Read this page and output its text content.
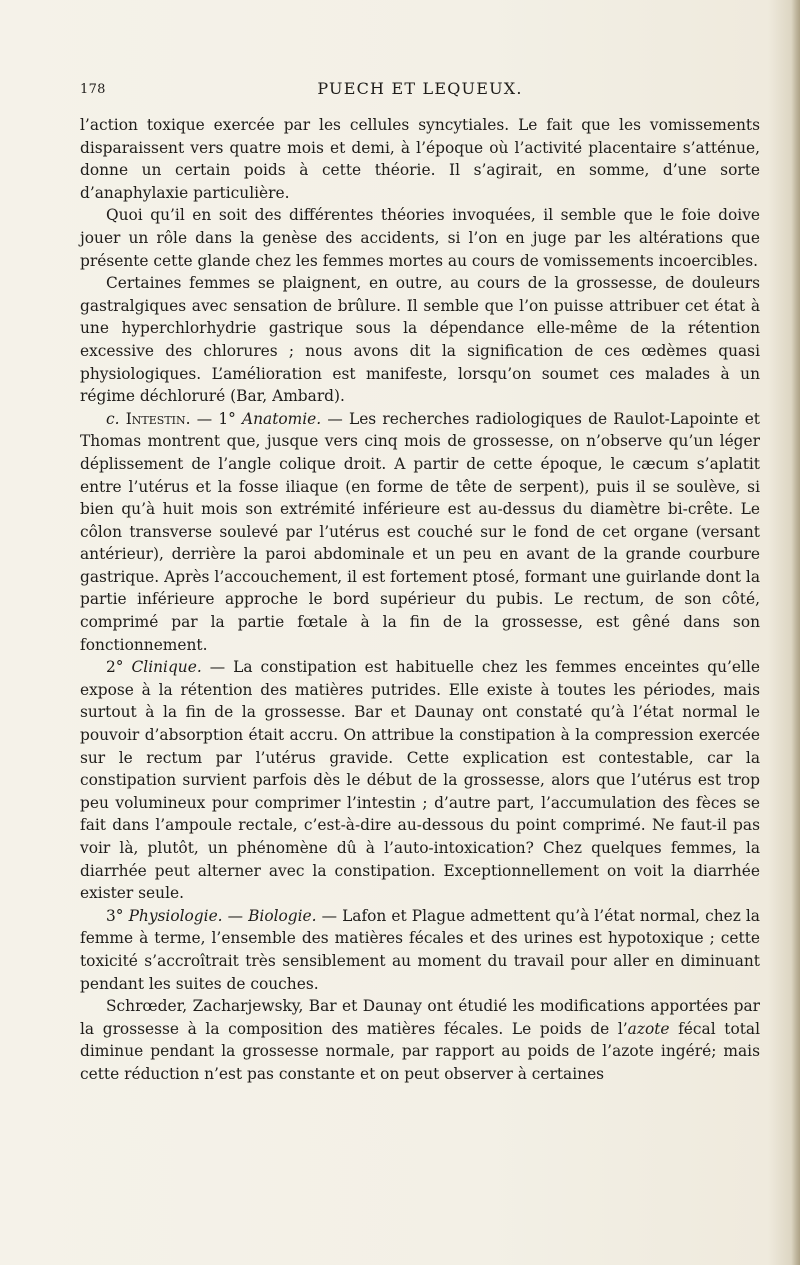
178	PUECH ET LEQUEUX.

l’action toxique exercée par les cellules syncytiales. Le fait que les vomissements disparaissent vers quatre mois et demi, à l’époque où l’activité placentaire s’atténue, donne un certain poids à cette théorie. Il s’agirait, en somme, d’une sorte d’anaphylaxie particulière.

Quoi qu’il en soit des différentes théories invoquées, il semble que le foie doive jouer un rôle dans la genèse des accidents, si l’on en juge par les altérations que présente cette glande chez les femmes mortes au cours de vomissements incoercibles.

Certaines femmes se plaignent, en outre, au cours de la grossesse, de douleurs gastralgiques avec sensation de brûlure. Il semble que l’on puisse attribuer cet état à une hyperchlorhydrie gastrique sous la dépendance elle-même de la rétention excessive des chlorures ; nous avons dit la signification de ces œdèmes quasi physiologiques. L’amélioration est manifeste, lorsqu’on soumet ces malades à un régime déchloruré (Bar, Ambard).

c. Intestin. — 1° Anatomie. — Les recherches radiologiques de Raulot-Lapointe et Thomas montrent que, jusque vers cinq mois de grossesse, on n’observe qu’un léger déplissement de l’angle colique droit. A partir de cette époque, le cæcum s’aplatit entre l’utérus et la fosse iliaque (en forme de tête de serpent), puis il se soulève, si bien qu’à huit mois son extrémité inférieure est au-dessus du diamètre bi-crête. Le côlon transverse soulevé par l’utérus est couché sur le fond de cet organe (versant antérieur), derrière la paroi abdominale et un peu en avant de la grande courbure gastrique. Après l’accouchement, il est fortement ptosé, formant une guirlande dont la partie inférieure approche le bord supérieur du pubis. Le rectum, de son côté, comprimé par la partie fœtale à la fin de la grossesse, est gêné dans son fonctionnement.

2° Clinique. — La constipation est habituelle chez les femmes enceintes qu’elle expose à la rétention des matières putrides. Elle existe à toutes les périodes, mais surtout à la fin de la grossesse. Bar et Daunay ont constaté qu’à l’état normal le pouvoir d’absorption était accru. On attribue la constipation à la compression exercée sur le rectum par l’utérus gravide. Cette explication est contestable, car la constipation survient parfois dès le début de la grossesse, alors que l’utérus est trop peu volumineux pour comprimer l’intestin ; d’autre part, l’accumulation des fèces se fait dans l’ampoule rectale, c’est-à-dire au-dessous du point comprimé. Ne faut-il pas voir là, plutôt, un phénomène dû à l’auto-intoxication? Chez quelques femmes, la diarrhée peut alterner avec la constipation. Exceptionnellement on voit la diarrhée exister seule.

3° Physiologie. — Biologie. — Lafon et Plague admettent qu’à l’état normal, chez la femme à terme, l’ensemble des matières fécales et des urines est hypotoxique ; cette toxicité s’accroîtrait très sensiblement au moment du travail pour aller en diminuant pendant les suites de couches.

Schrœder, Zacharjewsky, Bar et Daunay ont étudié les modifications apportées par la grossesse à la composition des matières fécales. Le poids de l’azote fécal total diminue pendant la grossesse normale, par rapport au poids de l’azote ingéré; mais cette réduction n’est pas constante et on peut observer à certaines
